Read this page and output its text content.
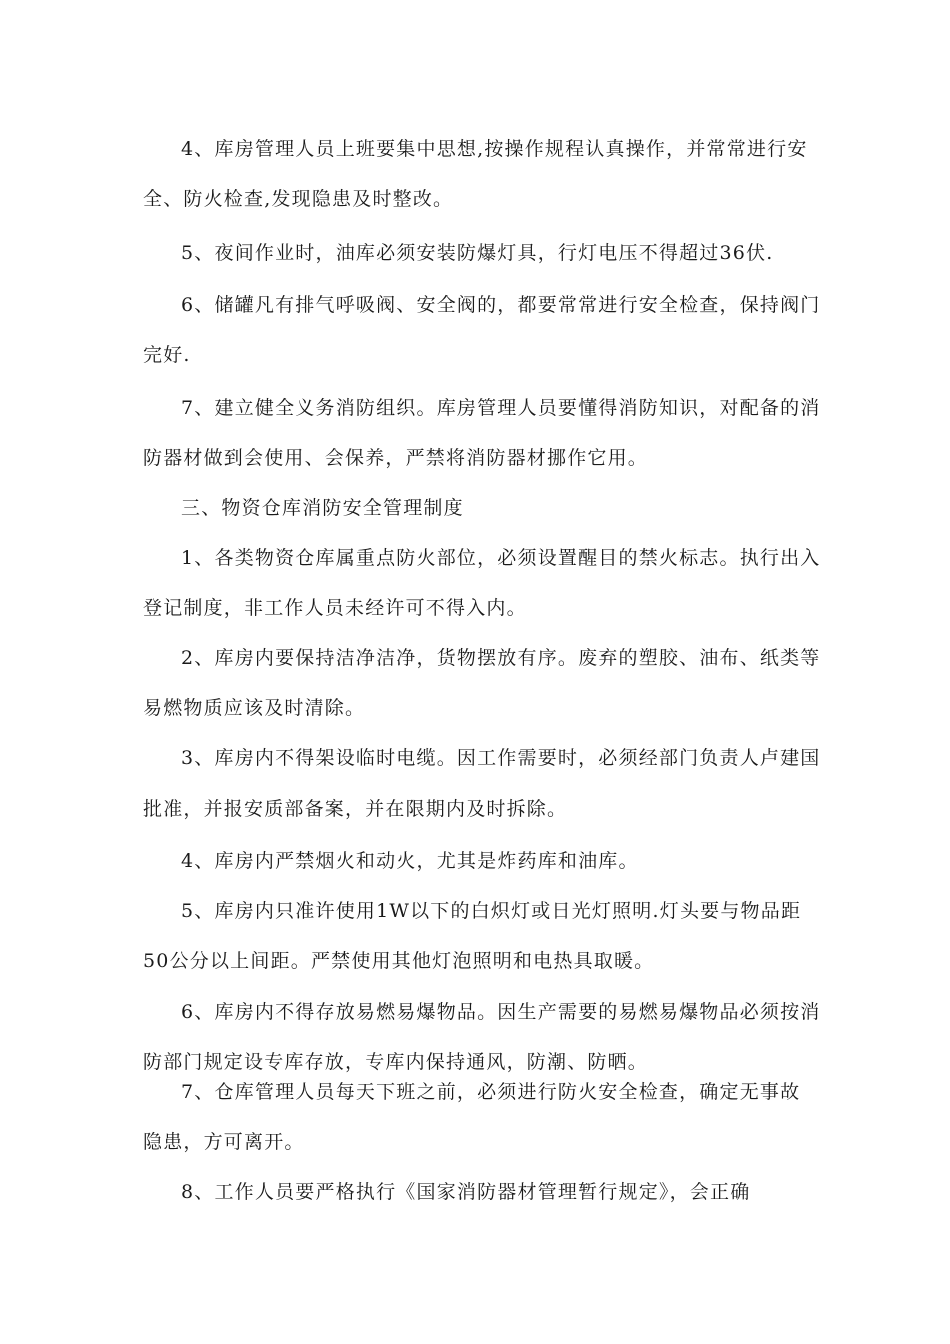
4、库房管理人员上班要集中思想,按操作规程认真操作，并常常进行安
全、防火检查,发现隐患及时整改。
5、夜间作业时，油库必须安装防爆灯具，行灯电压不得超过36伏.
6、储罐凡有排气呼吸阀、安全阀的，都要常常进行安全检查，保持阀门
完好.
7、建立健全义务消防组织。库房管理人员要懂得消防知识，对配备的消
防器材做到会使用、会保养，严禁将消防器材挪作它用。
三、物资仓库消防安全管理制度
1、各类物资仓库属重点防火部位，必须设置醒目的禁火标志。执行出入
登记制度，非工作人员未经许可不得入内。
2、库房内要保持洁净洁净，货物摆放有序。废弃的塑胶、油布、纸类等
易燃物质应该及时清除。
3、库房内不得架设临时电缆。因工作需要时，必须经部门负责人卢建国
批准，并报安质部备案，并在限期内及时拆除。
4、库房内严禁烟火和动火，尤其是炸药库和油库。
5、库房内只准许使用1W以下的白炽灯或日光灯照明.灯头要与物品距
50公分以上间距。严禁使用其他灯泡照明和电热具取暖。
6、库房内不得存放易燃易爆物品。因生产需要的易燃易爆物品必须按消
防部门规定设专库存放，专库内保持通风，防潮、防晒。
7、仓库管理人员每天下班之前，必须进行防火安全检查，确定无事故
隐患，方可离开。
8、工作人员要严格执行《国家消防器材管理暂行规定》，会正确
